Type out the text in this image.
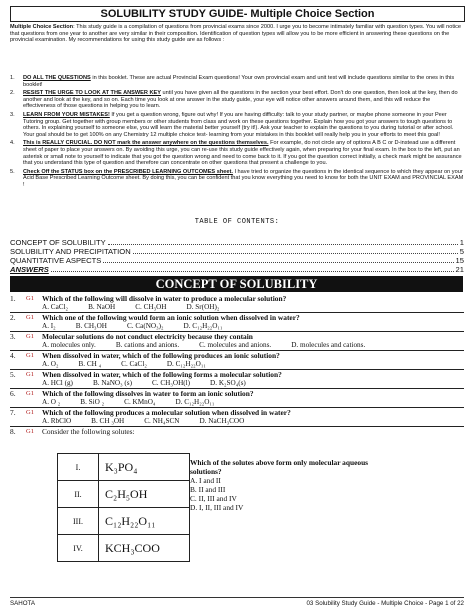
SOLUBILITY STUDY GUIDE- Multiple Choice Section
Multiple Choice Section: This study guide is a compilation of questions from provincial exams since 2000. I urge you to become intimately familiar with question types. You will notice that questions from one year to another are very similar in their composition. Identification of question types will allow you to be more efficient in answering these questions on the provincial examination. My recommendations for using this study guide are as follows :
1.	DO ALL THE QUESTIONS in this booklet. These are actual Provincial Exam questions! Your own provincial exam and unit test will include questions similar to the ones in this booklet!
2.	RESIST THE URGE TO LOOK AT THE ANSWER KEY until you have given all the questions in the section your best effort. Don't do one question, then look at the key, then do another and look at the key, and so on. Each time you look at one answer in the study guide, your eye will notice other answers around them, and this will reduce the effectiveness of those questions in helping you to learn.
3.	LEARN FROM YOUR MISTAKES! If you get a question wrong, figure out why! If you are having difficulty: talk to your study partner, or maybe phone someone in your Peer Tutoring group. Get together with group members or other students from class and work on these questions together. Explain how you got your answers to tough questions to others. In explaining yourself to someone else, you will learn the material better yourself (try it!). Ask your teacher to explain the questions to you during tutorial or after school. Your goal should be to get 100% on any Chemistry 12 multiple choice test- learning from your mistakes in this booklet will really help you in your efforts to meet this goal!
4.	This is REALLY CRUCIAL. DO NOT mark the answer anywhere on the questions themselves. For example, do not circle any of options A B C or D-instead use a different sheet of paper to place your answers on. By avoiding this urge, you can re-use this study guide effectively again, when preparing for your final exam. In the box to the left, put an asterisk or small note to yourself to indicate that you got the question wrong and need to come back to it. If you got the question correct initially, a check mark might be assurance that you understand this type of question and therefore can concentrate on other questions that present a challenge to you.
5.	Check Off the STATUS box on the PRESCRIBED LEARNING OUTCOMES sheet. I have tried to organize the questions in the identical sequence to which they appear on your Acid Base Prescribed Learning Outcome sheet. By doing this, you can be confident that you know everything you need to know for both the UNIT EXAM and PROVINCIAL EXAM !
TABLE OF CONTENTS:
CONCEPT OF SOLUBILITY	1
SOLUBILITY AND PRECIPITATION	5
QUANTITATIVE ASPECTS	15
ANSWERS	21
CONCEPT OF SOLUBILITY
1.	G1	Which of the following will dissolve in water to produce a molecular solution?
A. CaCl₂	B. NaOH	C. CH₃OH	D. Sr(OH)₂
2.	G1	Which one of the following would form an ionic solution when dissolved in water?
A. I₂	B. CH₃OH	C. Ca(NO₃)₂	D. C₁₂H₂₂O₁₁
3.	G1	Molecular solutions do not conduct electricity because they contain
A. molecules only.	B. cations and anions.	C. molecules and anions.	D. molecules and cations.
4.	G1	When dissolved in water, which of the following produces an ionic solution?
A. O₂	B. CH ₄	C. CaCl₂	D. C₁₂H₂₂O₁₁
5.	G1	When dissolved in water, which of the following forms a molecular solution?
A. HCl (g)	B. NaNO₃ (s)	C. CH₃OH(l)	D. K₂SO₄(s)
6.	G1	Which of the following dissolves in water to form an ionic solution?
A. O ₂	B. SiO ₂	C. KMnO₄	D. C₁₂H₂₂O₁₁
7.	G1	Which of the following produces a molecular solution when dissolved in water?
A. RbClO	B. CH ₃OH	C. NH₄SCN	D. NaCH₃COO
8.	G1	Consider the following solutes:
I.	K₃PO₄
II.	C₂H₅OH
III.	C₁₂H₂₂O₁₁
IV.	KCH₃COO
Which of the solutes above form only molecular aqueous solutions?
A. I and II
B. II and III
C. II, III and IV
D. I, II, III and IV
SAHOTA	03 Solubility Study Guide - Multiple Choice - Page 1 of 22
